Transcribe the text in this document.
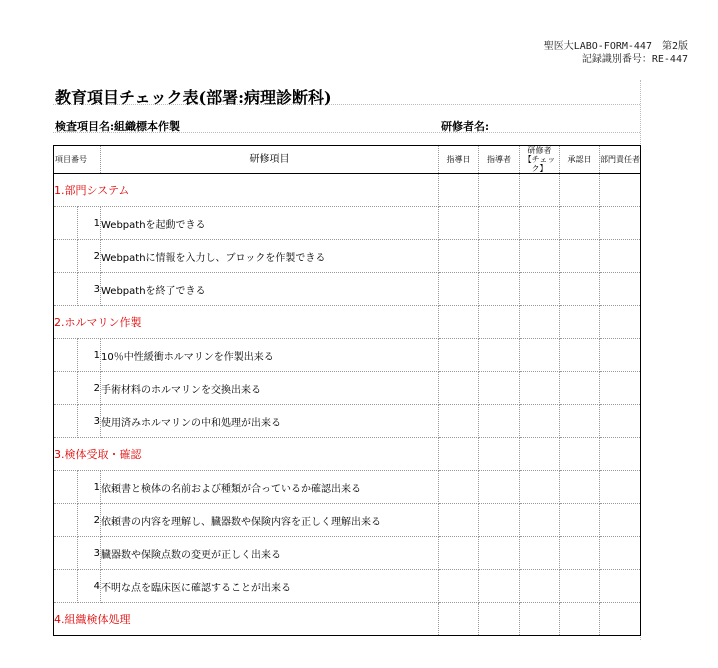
聖医大LABO-FORM-447　第2版
記録識別番号：RE-447
教育項目チェック表(部署:病理診断科)
検査項目名:組織標本作製	研修者名:
項目番号		研修項目	指導日	指導者	研修者【チェック】	承認日	部門責任者
1.部門システム							
	1	Webpathを起動できる					
	2	Webpathに情報を入力し、ブロックを作製できる					
	3	Webpathを終了できる					
2.ホルマリン作製							
	1	10％中性緩衝ホルマリンを作製出来る					
	2	手術材料のホルマリンを交換出来る					
	3	使用済みホルマリンの中和処理が出来る					
3.検体受取・確認							
	1	依頼書と検体の名前および種類が合っているか確認出来る					
	2	依頼書の内容を理解し、臓器数や保険内容を正しく理解出来る					
	3	臓器数や保険点数の変更が正しく出来る					
	4	不明な点を臨床医に確認することが出来る					
4.組織検体処理							
